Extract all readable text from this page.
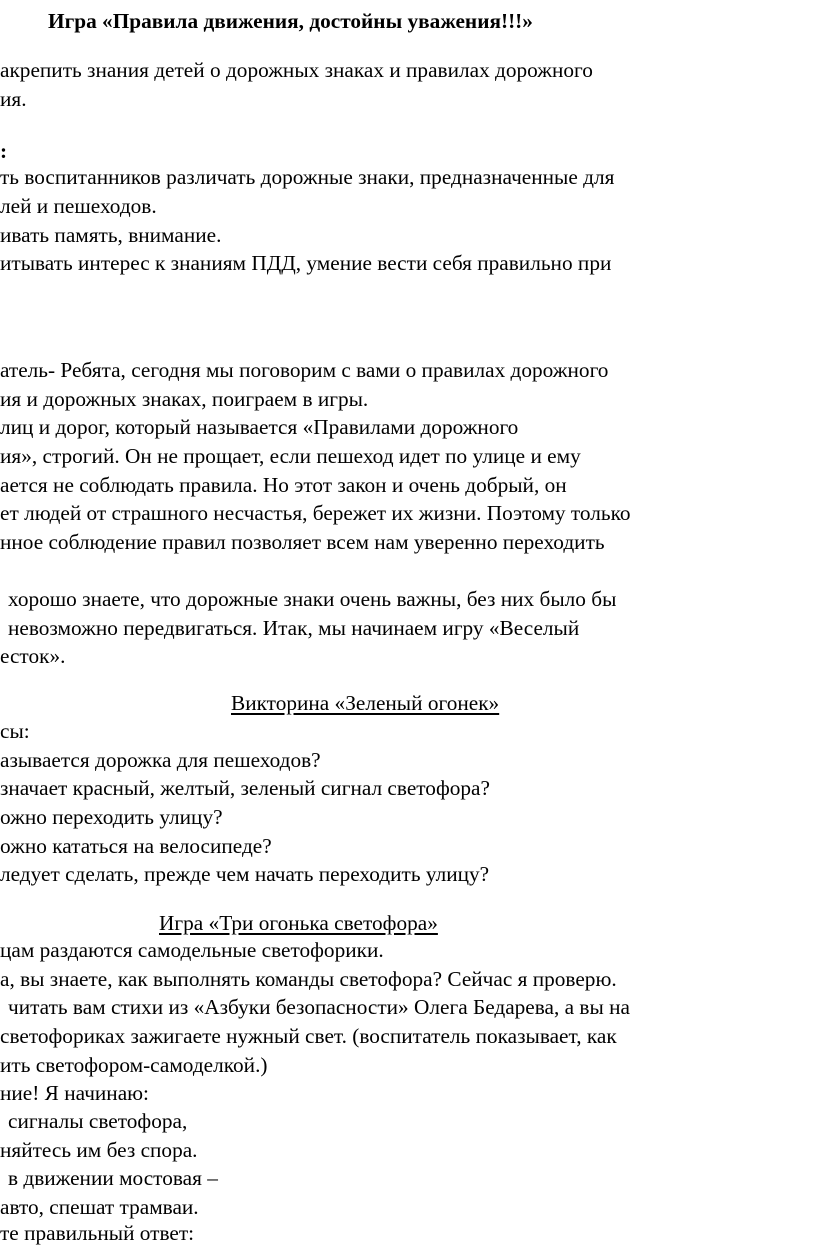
Игра «Правила движения, достойны уважения!!!»
акрепить знания детей о дорожных знаках и правилах дорожного
ия.
:
ть воспитанников различать дорожные знаки, предназначенные для
лей и пешеходов.
ивать память, внимание.
итывать интерес к знаниям ПДД, умение вести себя правильно при
атель- Ребята, сегодня мы поговорим с вами о правилах дорожного
ия и дорожных знаках, поиграем в игры.
лиц и дорог, который называется «Правилами дорожного
ия», строгий. Он не прощает, если пешеход идет по улице и ему
ается не соблюдать правила. Но этот закон и очень добрый, он
ет людей от страшного несчастья, бережет их жизни. Поэтому только
нное соблюдение правил позволяет всем нам уверенно переходить
хорошо знаете, что дорожные знаки очень важны, без них было бы
невозможно передвигаться. Итак, мы начинаем игру «Веселый
есток».
Викторина «Зеленый огонек»
сы:
азывается дорожка для пешеходов?
значает красный, желтый, зеленый сигнал светофора?
ожно переходить улицу?
ожно кататься на велосипеде?
ледует сделать, прежде чем начать переходить улицу?
Игра «Три огонька светофора»
цам раздаются самодельные светофорики.
а, вы знаете, как выполнять команды светофора? Сейчас я проверю.
читать вам стихи из «Азбуки безопасности» Олега Бедарева, а вы на
светофориках зажигаете нужный свет. (воспитатель показывает, как
ить светофором-самоделкой.)
ние! Я начинаю:
сигналы светофора,
няйтесь им без спора.
в движении мостовая –
авто, спешат трамваи.
те правильный ответ:
